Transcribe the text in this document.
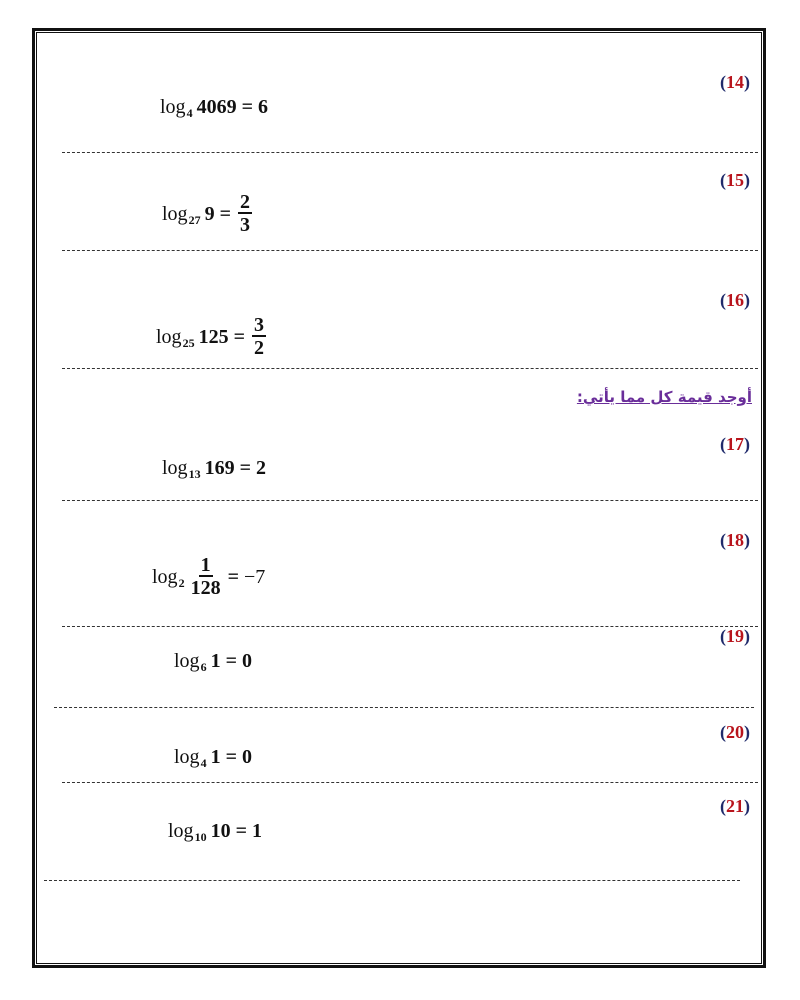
(14)
log 4 4069
=
6
(15)
log 27 9
=
$\frac{2}{3}$
(16)
log 25 125
=
$\frac{3}{2}$
أوجد قيمة كل مما يأتي:
(17)
log 13 169
=
2
(18)
$\log 2 \frac{1}{128}$
=
−7
(19)
log 6 1
=
0
(20)
log 4 1
=
0
(21)
log 10 10
=
1
